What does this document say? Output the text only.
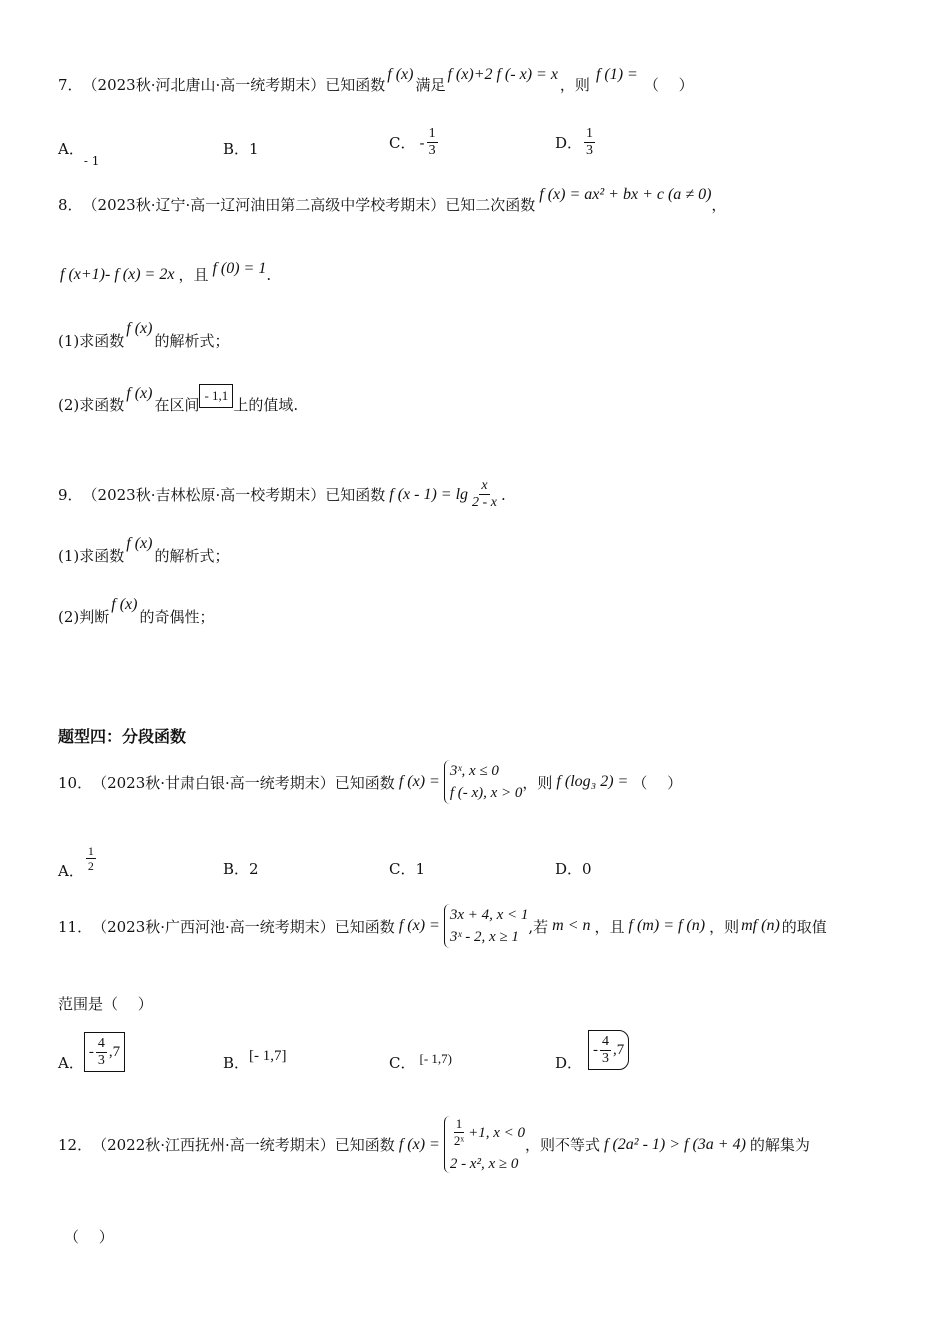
7． （2023秋·河北唐山·高一统考期末）已知函数
f (x)
满足
f (x)+2 f (- x) = x
，则
f (1) =
（　 ）
A．
- 1
B． 1	C． - $\frac{1}{3}$	D． $\frac{1}{3}$
8． （2023秋·辽宁·高一辽河油田第二高级中学校考期末）已知二次函数
f (x) = ax² + bx + c (a ≠ 0)
，
f (x+1)- f (x) = 2x ，且 f (0) = 1 .
(1)求函数
f (x)
的解析式；
(2)求函数
f (x)
在区间 - 1,1 上的值域.
9． （2023秋·吉林松原·高一校考期末）已知函数 f $(x - 1) = \lg \frac{x}{2 - x}$ .
(1)求函数
f (x)
的解析式；
(2)判断
f (x)
的奇偶性；
题型四：分段函数
10． （2023秋·甘肃白银·高一统考期末）已知函数 f (x) =
3ˣ, x ≤ 0
f (- x), x > 0
，则 f (log₃ 2) = （　 ）
A． $\frac{1}{2}$	B． 2	C． 1	D． 0
11． （2023秋·广西河池·高一统考期末）已知函数 f (x) =
3x + 4, x < 1
3ˣ - 2, x ≥ 1
,若 m < n ，且 f (m) = f (n) ，则 mf (n) 的取值
范围是（　 ）
A．
- $\frac{4}{3} ,7$
B． [- 1,7]	C． [- 1,7)	D．
- $\frac{4}{3} ,7$
12． （2022秋·江西抚州·高一统考期末）已知函数 f $(x) = \frac{1}{\text{2ˣ}} +1$, x < 0
2 - x², x ≥ 0
，则不等式 f (2a² - 1) > f (3a + 4) 的解集为
（　 ）
